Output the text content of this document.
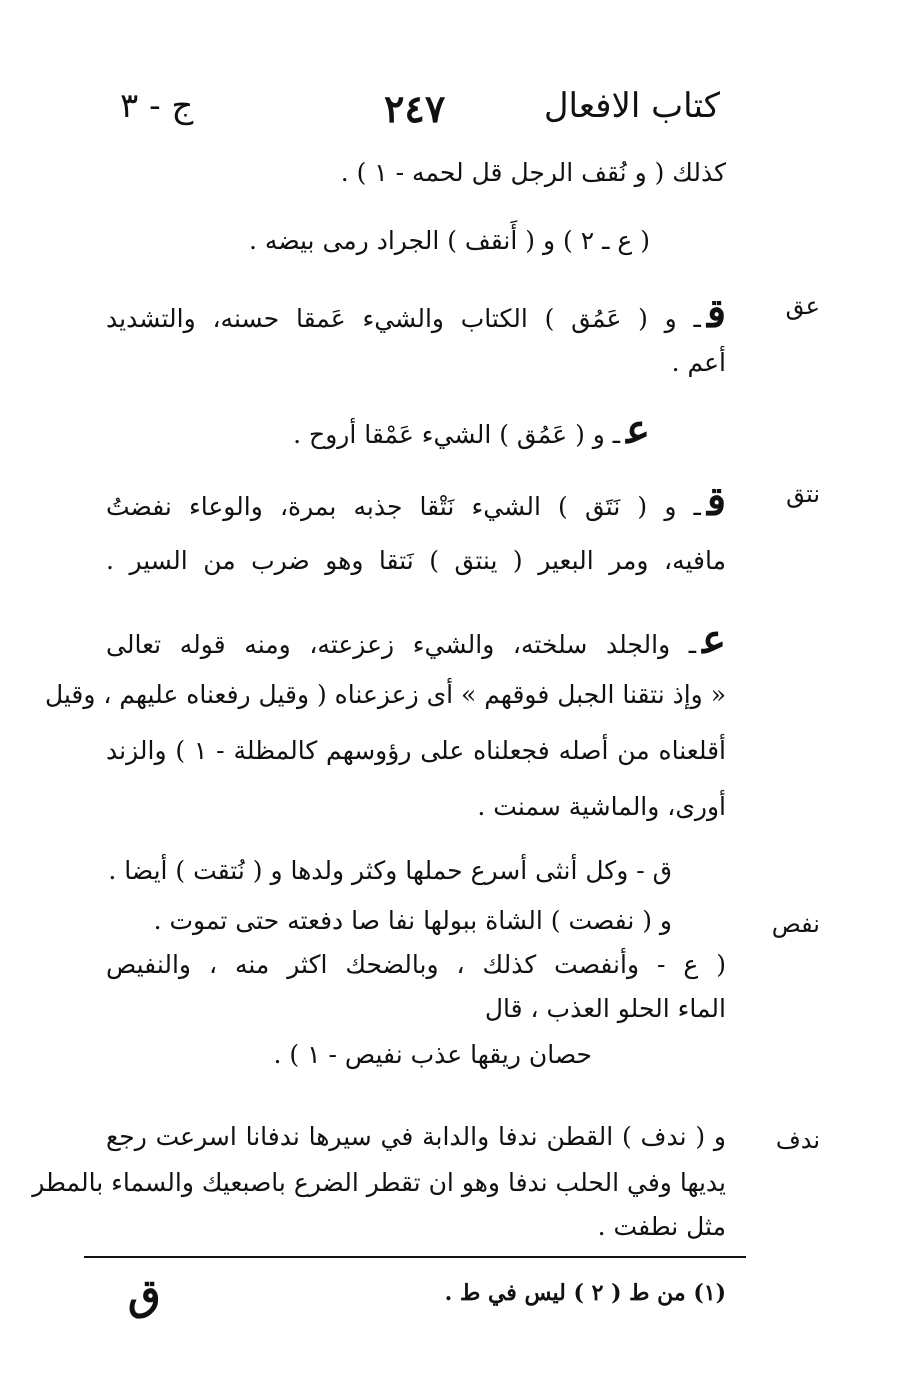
كتاب الافعال
٢٤٧
ج - ٣
كذلك ( و نُقف الرجل قل لحمه - ١ ) .
( ع ـ ٢ ) و ( أَنقف ) الجراد رمى بيضه .
عق
قـ و ( عَمُق ) الكتاب والشيء عَمقا حسنه، والتشديد
أعم .
عـ و ( عَمُق ) الشيء عَمْقا أروح .
نتق
قـ و ( نَتَق ) الشيء نَتْقا جذبه بمرة، والوعاء نفضتُ
مافيه، ومر البعير ( ينتق ) نَتقا وهو ضرب من السير .
عـ والجلد سلخته، والشيء زعزعته، ومنه قوله تعالى
« وإذ نتقنا الجبل فوقهم » أى زعزعناه ( وقيل رفعناه عليهم ، وقيل
أقلعناه من أصله فجعلناه على رؤوسهم كالمظلة - ١ ) والزند
أورى، والماشية سمنت .
ق - وكل أنثى أسرع حملها وكثر ولدها و ( نُتقت ) أيضا .
نفص
و ( نفصت ) الشاة ببولها نفا صا دفعته حتى تموت .
( ع - وأنفصت كذلك ، وبالضحك اكثر منه ، والنفيص
الماء الحلو العذب ، قال
حصان ريقها عذب نفيص - ١ ) .
ندف
و ( ندف ) القطن ندفا والدابة في سيرها ندفانا اسرعت رجع
يديها وفي الحلب ندفا وهو ان تقطر الضرع باصبعيك والسماء بالمطر
مثل نطفت .
(١) من ط ( ٢ ) ليس في ط .
ق
